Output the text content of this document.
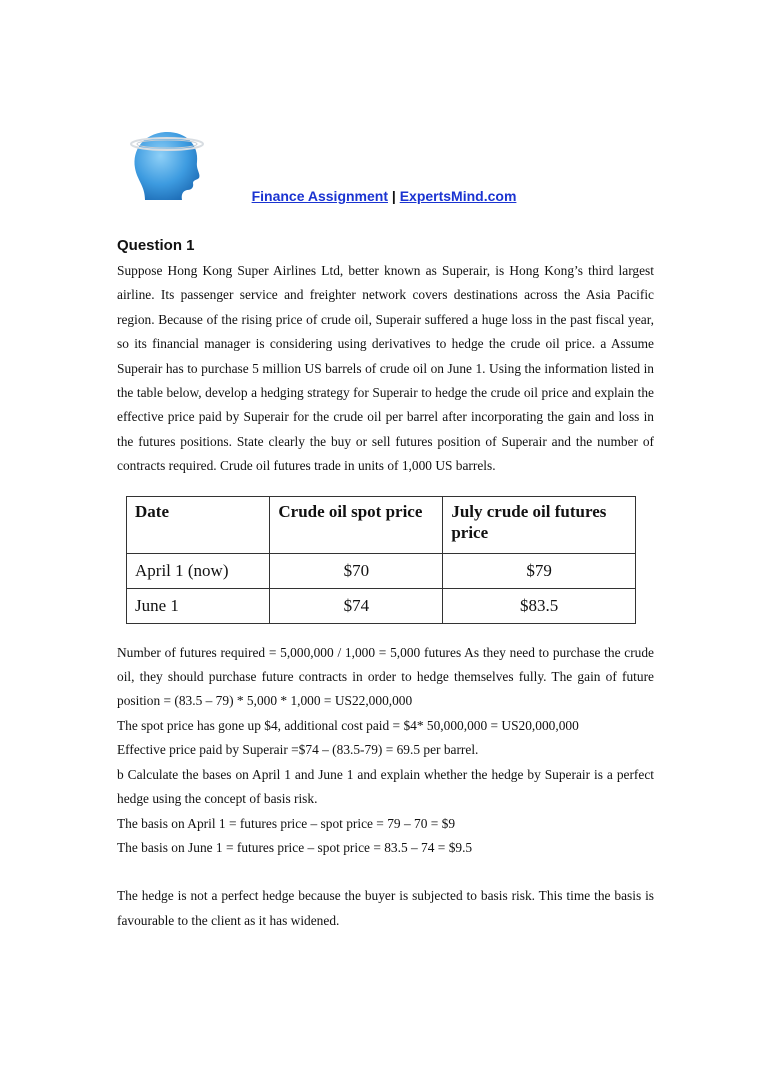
Finance Assignment | ExpertsMind.com
Question 1

Suppose Hong Kong Super Airlines Ltd, better known as Superair, is Hong Kong’s third largest airline. Its passenger service and freighter network covers destinations across the Asia Pacific region. Because of the rising price of crude oil, Superair suffered a huge loss in the past fiscal year, so its financial manager is considering using derivatives to hedge the crude oil price. a Assume Superair has to purchase 5 million US barrels of crude oil on June 1. Using the information listed in the table below, develop a hedging strategy for Superair to hedge the crude oil price and explain the effective price paid by Superair for the crude oil per barrel after incorporating the gain and loss in the futures positions. State clearly the buy or sell futures position of Superair and the number of contracts required. Crude oil futures trade in units of 1,000 US barrels.

Date	Crude oil spot price	July crude oil futures price
April 1 (now)	$70	$79
June 1	$74	$83.5

Number of futures required = 5,000,000 / 1,000 = 5,000 futures As they need to purchase the crude oil, they should purchase future contracts in order to hedge themselves fully. The gain of future position = (83.5 – 79) * 5,000 * 1,000 = US22,000,000

The spot price has gone up $4, additional cost paid = $4* 50,000,000 = US20,000,000
Effective price paid by Superair =$74 – (83.5-79) = 69.5 per barrel.

b Calculate the bases on April 1 and June 1 and explain whether the hedge by Superair is a perfect hedge using the concept of basis risk.

The basis on April 1 = futures price – spot price = 79 – 70 = $9
The basis on June 1 = futures price – spot price = 83.5 – 74 = $9.5

The hedge is not a perfect hedge because the buyer is subjected to basis risk. This time the basis is favourable to the client as it has widened.
